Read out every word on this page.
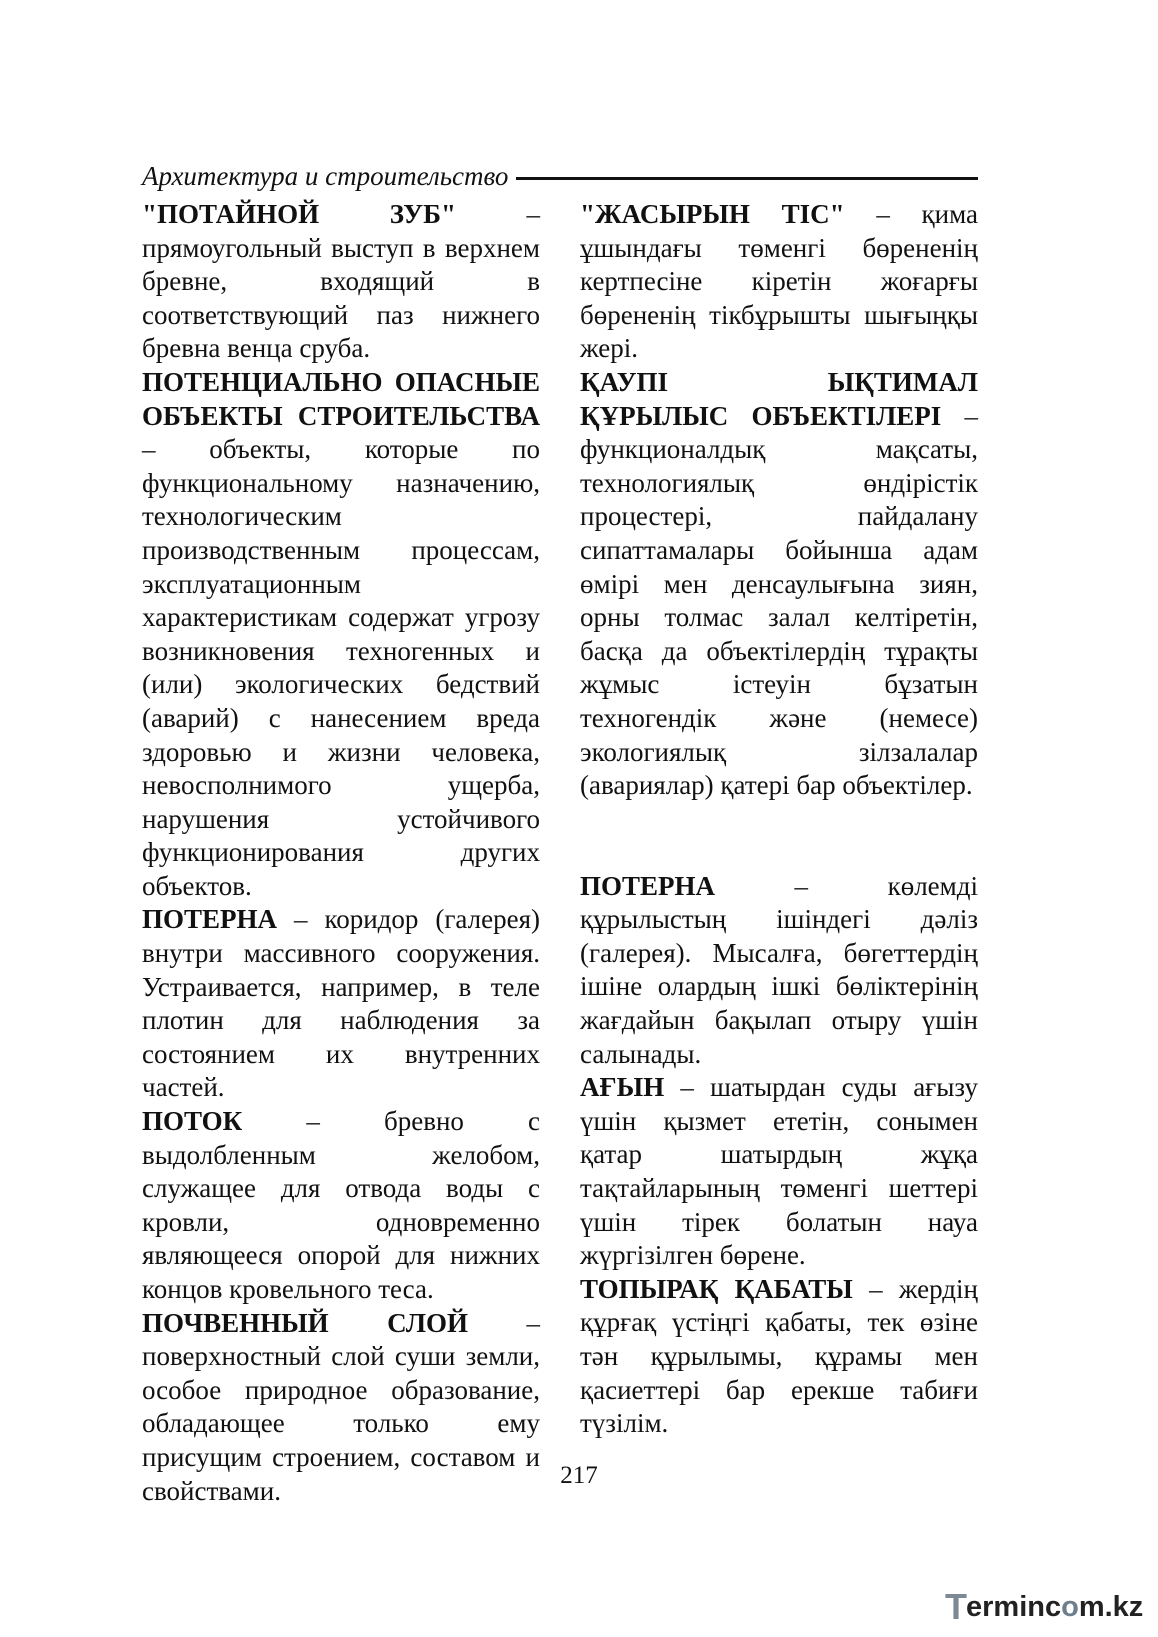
Архитектура и строительство

"ПОТАЙНОЙ ЗУБ" – прямоугольный выступ в верхнем бревне, входящий в соответствующий паз нижнего бревна венца сруба.

ПОТЕНЦИАЛЬНО ОПАСНЫЕ ОБЪЕКТЫ СТРОИТЕЛЬСТВА – объекты, которые по функциональному назначению, технологическим производственным процессам, эксплуатационным характеристикам содержат угрозу возникновения техногенных и (или) экологических бедствий (аварий) с нанесением вреда здоровью и жизни человека, невосполнимого ущерба, нарушения устойчивого функционирования других объектов.

ПОТЕРНА – коридор (галерея) внутри массивного сооружения. Устраивается, например, в теле плотин для наблюдения за состоянием их внутренних частей.

ПОТОК – бревно с выдолбленным желобом, служащее для отвода воды с кровли, одновременно являющееся опорой для нижних концов кровельного теса.

ПОЧВЕННЫЙ СЛОЙ – поверхностный слой суши земли, особое природное образование, обладающее только ему присущим строением, составом и свойствами.

"ЖАСЫРЫН ТІС" – қима ұшындағы төменгі бөрененің кертпесіне кіретін жоғарғы бөрененің тікбұрышты шығыңқы жері.

ҚАУПІ ЫҚТИМАЛ ҚҰРЫЛЫС ОБЪЕКТІЛЕРІ – функционалдық мақсаты, технологиялық өндірістік процестері, пайдалану сипаттамалары бойынша адам өмірі мен денсаулығына зиян, орны толмас залал келтіретін, басқа да объектілердің тұрақты жұмыс істеуін бұзатын техногендік және (немесе) экологиялық зілзалалар (авариялар) қатері бар объектілер.

ПОТЕРНА – көлемді құрылыстың ішіндегі дәліз (галерея). Мысалға, бөгеттердің ішіне олардың ішкі бөліктерінің жағдайын бақылап отыру үшін салынады.

АҒЫН – шатырдан суды ағызу үшін қызмет ететін, сонымен қатар шатырдың жұқа тақтайларының төменгі шеттері үшін тірек болатын науа жүргізілген бөрене.

ТОПЫРАҚ ҚАБАТЫ – жердің құрғақ үстіңгі қабаты, тек өзіне тән құрылымы, құрамы мен қасиеттері бар ерекше табиғи түзілім.

217
T ermincom.kz
